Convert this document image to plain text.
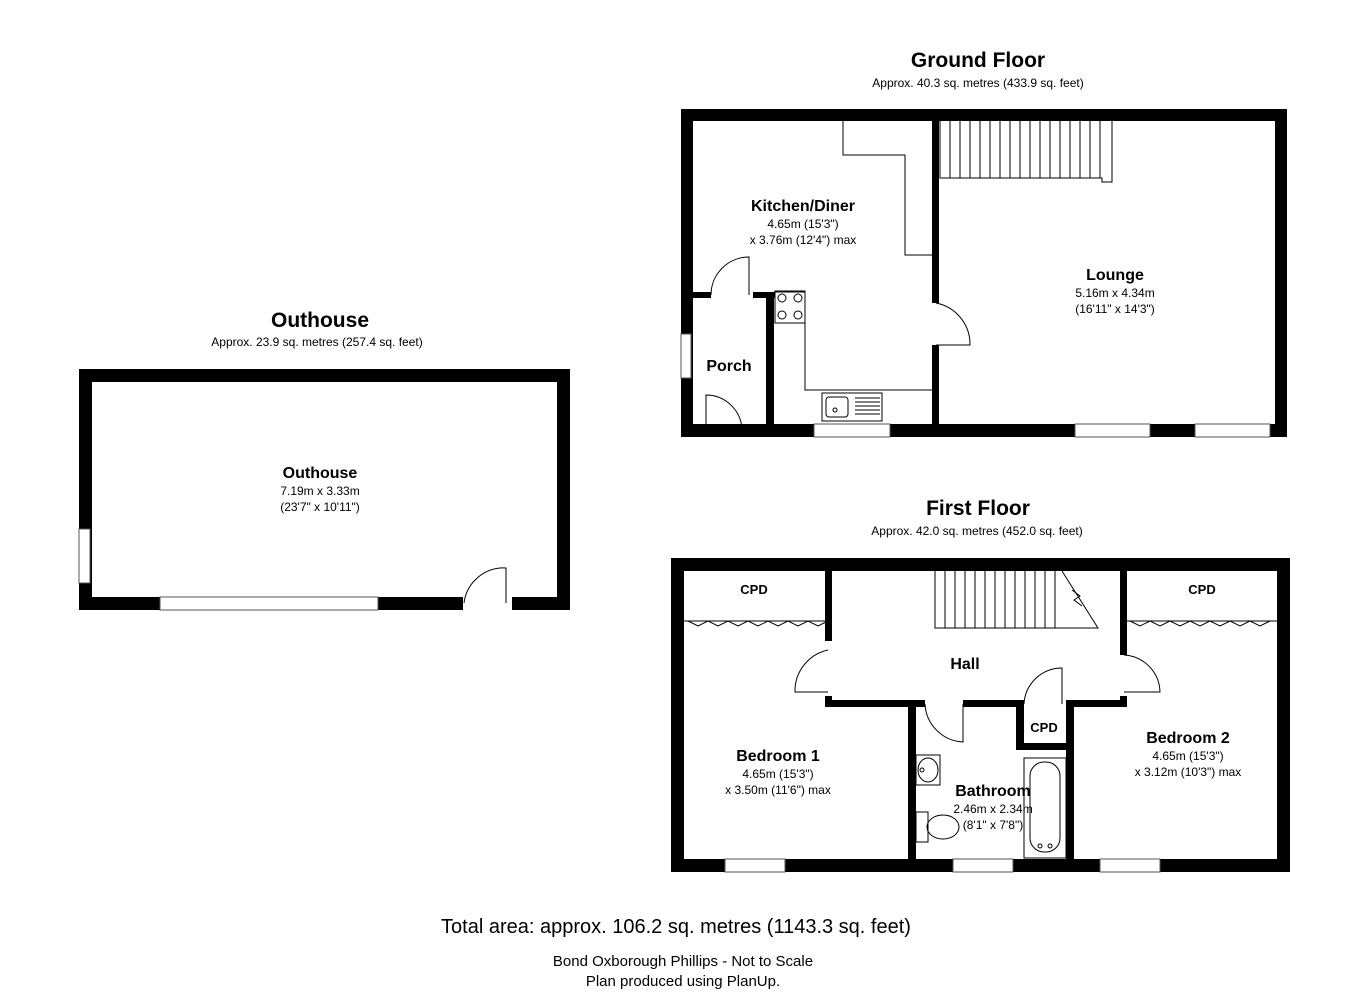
Ground Floor
Approx. 40.3 sq. metres (433.9 sq. feet)
Kitchen/Diner
4.65m (15'3")
x 3.76m (12'4") max
Lounge
5.16m x 4.34m
(16'11" x 14'3")
Porch
Outhouse
Approx. 23.9 sq. metres (257.4 sq. feet)
Outhouse
7.19m x 3.33m
(23'7" x 10'11")	First Floor
Approx. 42.0 sq. metres (452.0 sq. feet)
CPD	CPD
CPD
Hall
Bedroom 1
4.65m (15'3")
x 3.50m (11'6") max
Bedroom 2
4.65m (15'3")
x 3.12m (10'3") max
Bathroom
2.46m x 2.34m
(8'1" x 7'8")
Total area: approx. 106.2 sq. metres (1143.3 sq. feet)
Bond Oxborough Phillips - Not to Scale
Plan produced using PlanUp.
